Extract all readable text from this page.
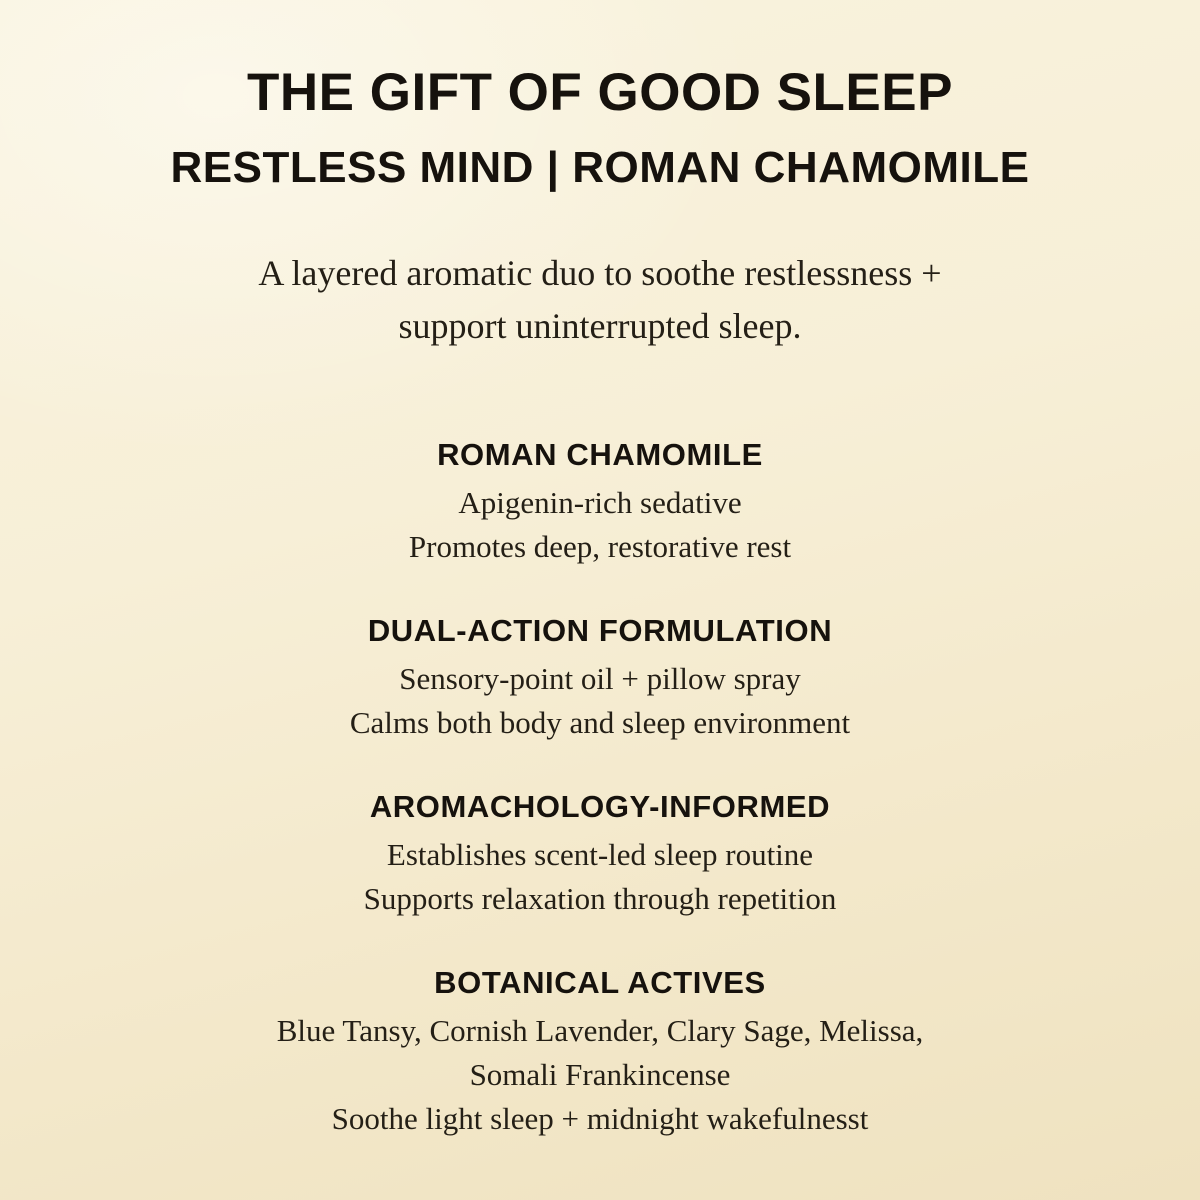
THE GIFT OF GOOD SLEEP
RESTLESS MIND | ROMAN CHAMOMILE
A layered aromatic duo to soothe restlessness +
support uninterrupted sleep.
ROMAN CHAMOMILE
Apigenin-rich sedative
Promotes deep, restorative rest
DUAL-ACTION FORMULATION
Sensory-point oil + pillow spray
Calms both body and sleep environment
AROMACHOLOGY-INFORMED
Establishes scent-led sleep routine
Supports relaxation through repetition
BOTANICAL ACTIVES
Blue Tansy, Cornish Lavender, Clary Sage, Melissa,
Somali Frankincense
Soothe light sleep + midnight wakefulnesst
